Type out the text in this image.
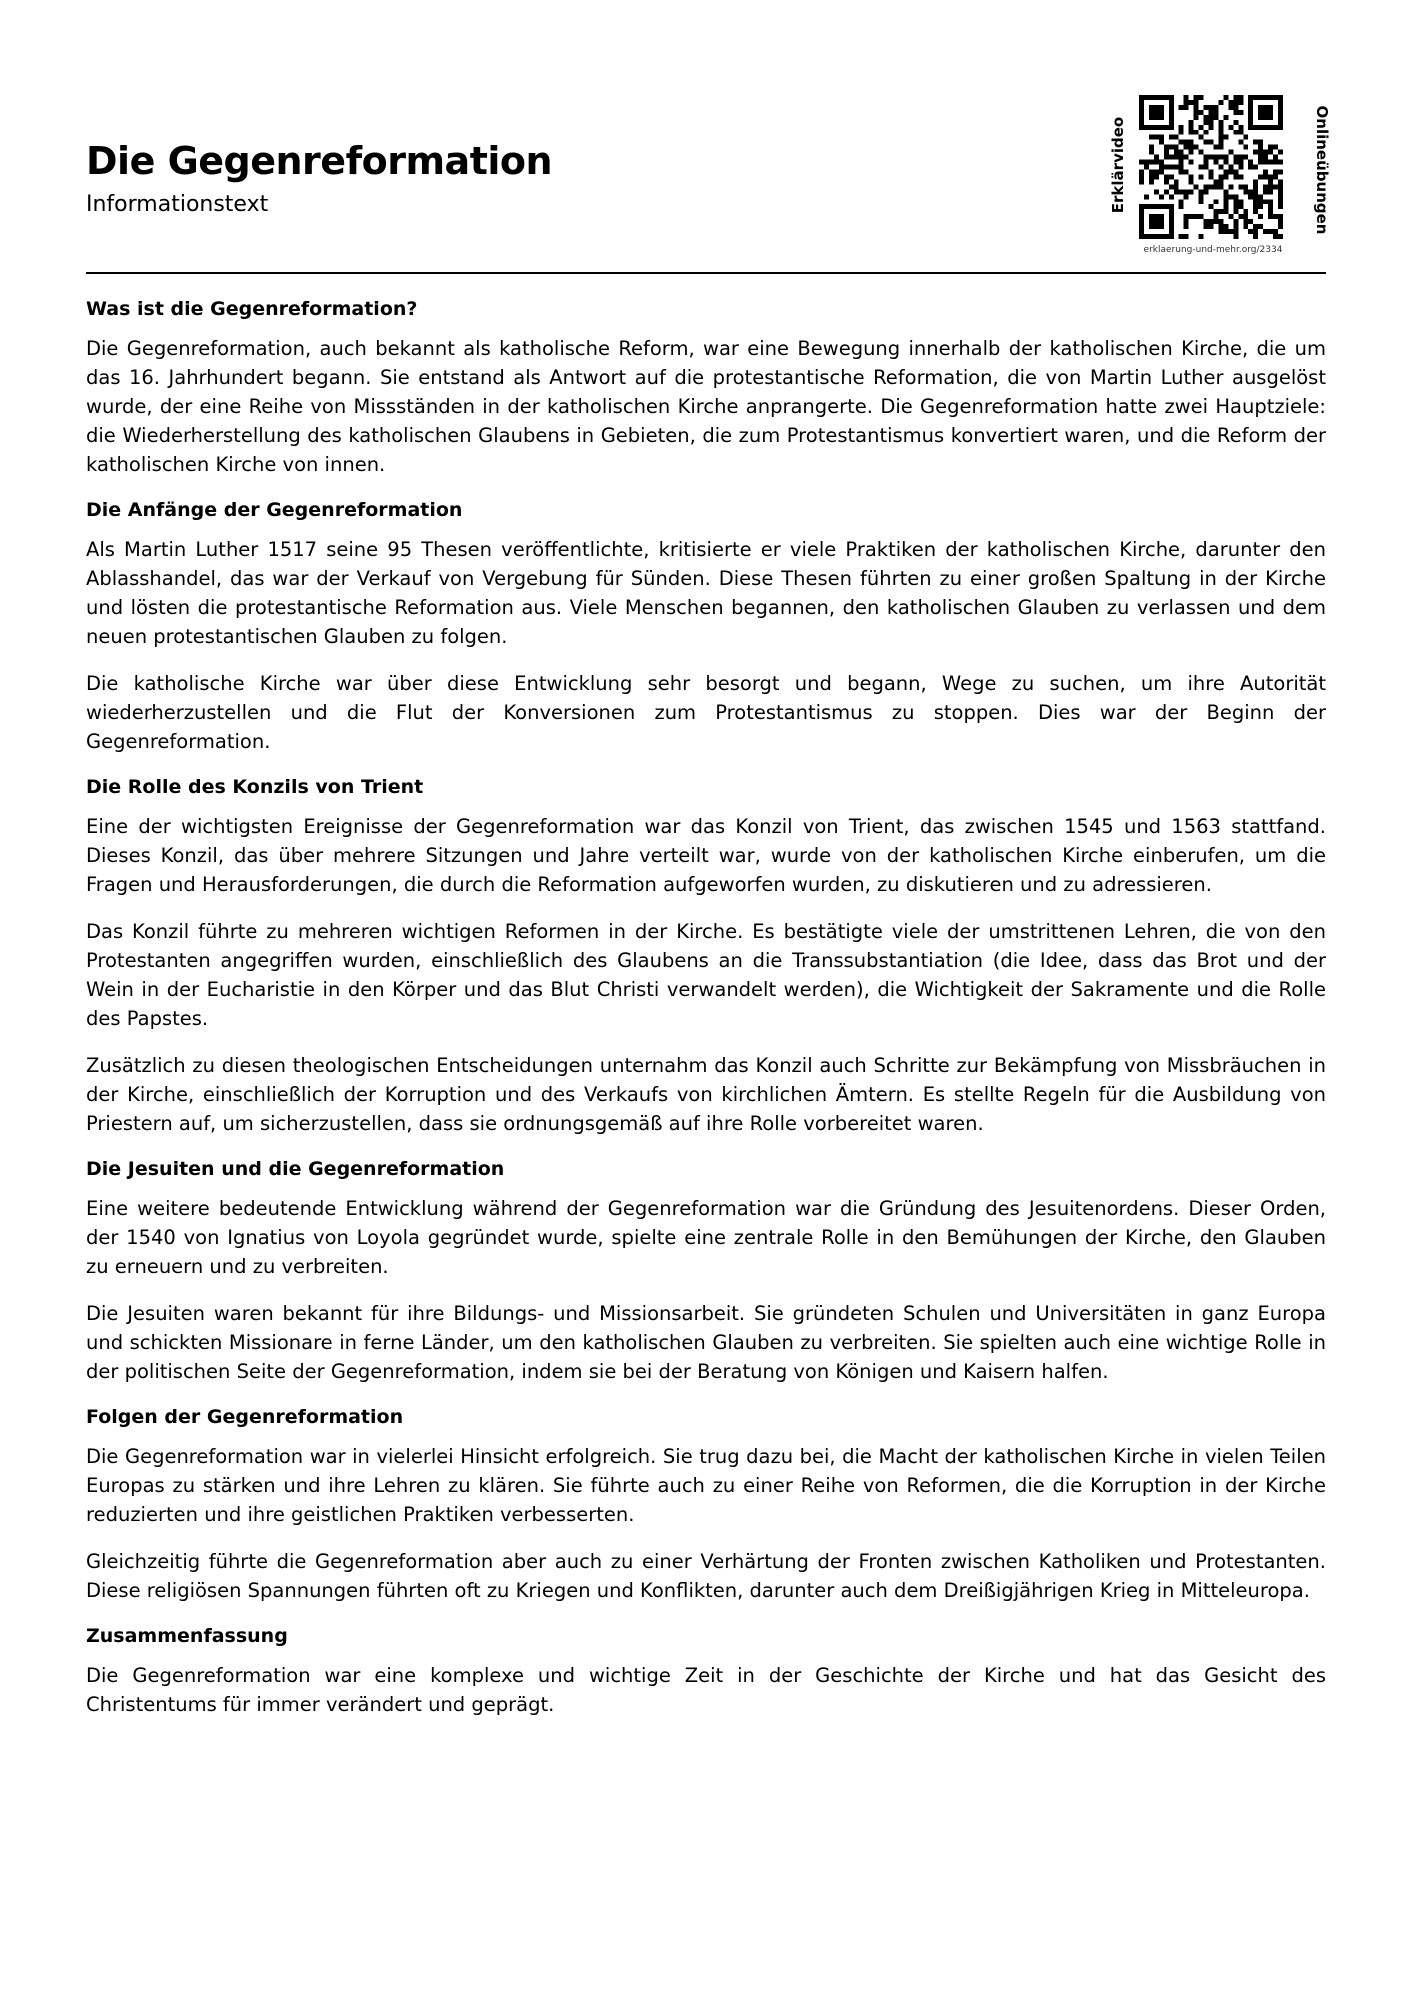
Die Gegenreformation
Informationstext	Erklärvideo
erklaerung-und-mehr.org/2334
Onlineübungen
Was ist die Gegenreformation?

Die Gegenreformation, auch bekannt als katholische Reform, war eine Bewegung innerhalb der katholischen Kirche, die um das 16. Jahrhundert begann. Sie entstand als Antwort auf die protestantische Reformation, die von Martin Luther ausgelöst wurde, der eine Reihe von Missständen in der katholischen Kirche anprangerte. Die Gegenreformation hatte zwei Hauptziele: die Wiederherstellung des katholischen Glaubens in Gebieten, die zum Protestantismus konvertiert waren, und die Reform der katholischen Kirche von innen.

Die Anfänge der Gegenreformation

Als Martin Luther 1517 seine 95 Thesen veröffentlichte, kritisierte er viele Praktiken der katholischen Kirche, darunter den Ablasshandel, das war der Verkauf von Vergebung für Sünden. Diese Thesen führten zu einer großen Spaltung in der Kirche und lösten die protestantische Reformation aus. Viele Menschen begannen, den katholischen Glauben zu verlassen und dem neuen protestantischen Glauben zu folgen.

Die katholische Kirche war über diese Entwicklung sehr besorgt und begann, Wege zu suchen, um ihre Autorität wiederherzustellen und die Flut der Konversionen zum Protestantismus zu stoppen. Dies war der Beginn der Gegenreformation.

Die Rolle des Konzils von Trient

Eine der wichtigsten Ereignisse der Gegenreformation war das Konzil von Trient, das zwischen 1545 und 1563 stattfand. Dieses Konzil, das über mehrere Sitzungen und Jahre verteilt war, wurde von der katholischen Kirche einberufen, um die Fragen und Herausforderungen, die durch die Reformation aufgeworfen wurden, zu diskutieren und zu adressieren.

Das Konzil führte zu mehreren wichtigen Reformen in der Kirche. Es bestätigte viele der umstrittenen Lehren, die von den Protestanten angegriffen wurden, einschließlich des Glaubens an die Transsubstantiation (die Idee, dass das Brot und der Wein in der Eucharistie in den Körper und das Blut Christi verwandelt werden), die Wichtigkeit der Sakramente und die Rolle des Papstes.

Zusätzlich zu diesen theologischen Entscheidungen unternahm das Konzil auch Schritte zur Bekämpfung von Missbräuchen in der Kirche, einschließlich der Korruption und des Verkaufs von kirchlichen Ämtern. Es stellte Regeln für die Ausbildung von Priestern auf, um sicherzustellen, dass sie ordnungsgemäß auf ihre Rolle vorbereitet waren.

Die Jesuiten und die Gegenreformation

Eine weitere bedeutende Entwicklung während der Gegenreformation war die Gründung des Jesuitenordens. Dieser Orden, der 1540 von Ignatius von Loyola gegründet wurde, spielte eine zentrale Rolle in den Bemühungen der Kirche, den Glauben zu erneuern und zu verbreiten.

Die Jesuiten waren bekannt für ihre Bildungs- und Missionsarbeit. Sie gründeten Schulen und Universitäten in ganz Europa und schickten Missionare in ferne Länder, um den katholischen Glauben zu verbreiten. Sie spielten auch eine wichtige Rolle in der politischen Seite der Gegenreformation, indem sie bei der Beratung von Königen und Kaisern halfen.

Folgen der Gegenreformation

Die Gegenreformation war in vielerlei Hinsicht erfolgreich. Sie trug dazu bei, die Macht der katholischen Kirche in vielen Teilen Europas zu stärken und ihre Lehren zu klären. Sie führte auch zu einer Reihe von Reformen, die die Korruption in der Kirche reduzierten und ihre geistlichen Praktiken verbesserten.

Gleichzeitig führte die Gegenreformation aber auch zu einer Verhärtung der Fronten zwischen Katholiken und Protestanten. Diese religiösen Spannungen führten oft zu Kriegen und Konflikten, darunter auch dem Dreißigjährigen Krieg in Mitteleuropa.

Zusammenfassung

Die Gegenreformation war eine komplexe und wichtige Zeit in der Geschichte der Kirche und hat das Gesicht des Christentums für immer verändert und geprägt.
